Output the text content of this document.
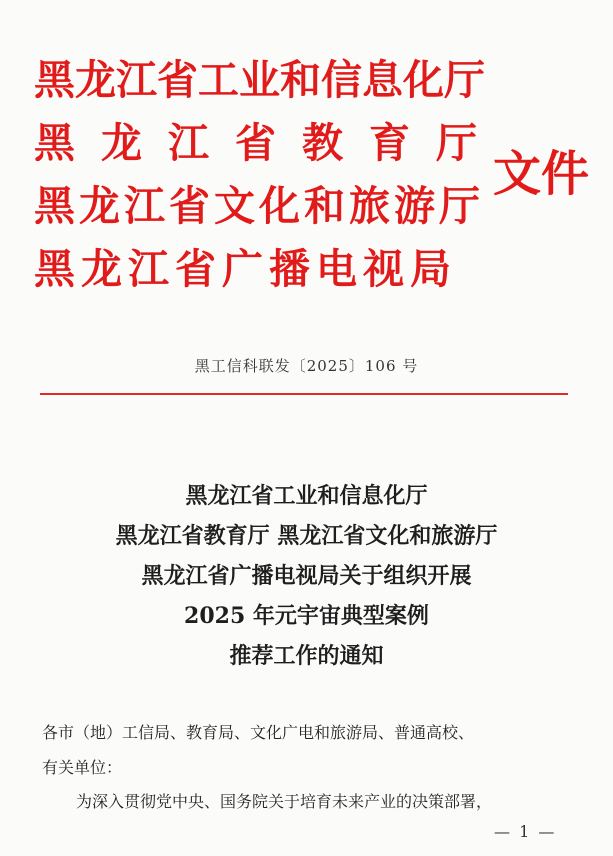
黑龙江省工业和信息化厅
黑龙江省教育厅
黑龙江省文化和旅游厅
黑龙江省广播电视局
文件
黑工信科联发〔2025〕106 号
黑龙江省工业和信息化厅
黑龙江省教育厅 黑龙江省文化和旅游厅
黑龙江省广播电视局关于组织开展
2025 年元宇宙典型案例
推荐工作的通知
各市（地）工信局、教育局、文化广电和旅游局、普通高校、
有关单位：
为深入贯彻党中央、国务院关于培育未来产业的决策部署，
— 1 —
